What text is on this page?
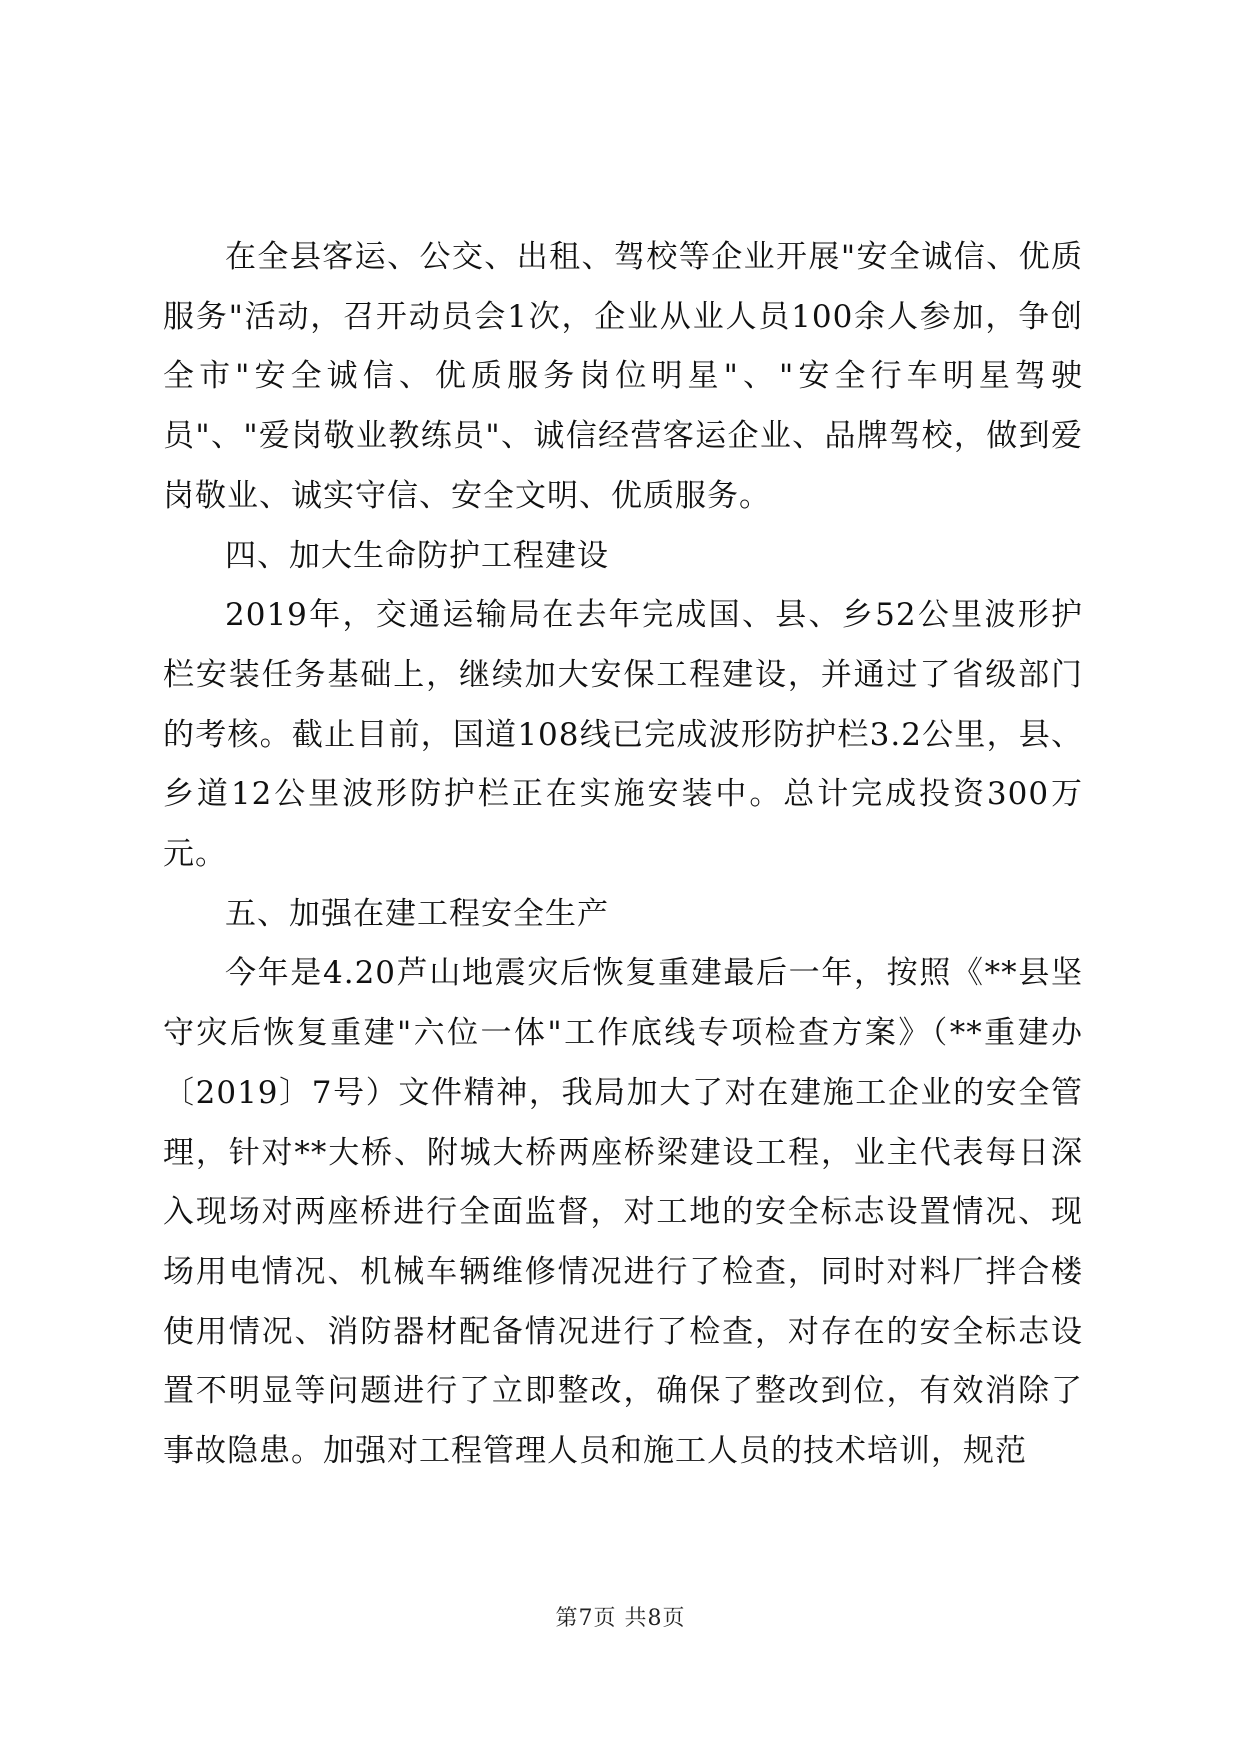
在全县客运、公交、出租、驾校等企业开展"安全诚信、优质服务"活动，召开动员会1次，企业从业人员100余人参加，争创全市"安全诚信、优质服务岗位明星"、"安全行车明星驾驶员"、"爱岗敬业教练员"、诚信经营客运企业、品牌驾校，做到爱岗敬业、诚实守信、安全文明、优质服务。

四、加大生命防护工程建设

2019年，交通运输局在去年完成国、县、乡52公里波形护栏安装任务基础上，继续加大安保工程建设，并通过了省级部门的考核。截止目前，国道108线已完成波形防护栏3.2公里，县、乡道12公里波形防护栏正在实施安装中。总计完成投资300万元。

五、加强在建工程安全生产

今年是4.20芦山地震灾后恢复重建最后一年，按照《**县坚守灾后恢复重建"六位一体"工作底线专项检查方案》（**重建办〔2019〕7号）文件精神，我局加大了对在建施工企业的安全管理，针对**大桥、附城大桥两座桥梁建设工程，业主代表每日深入现场对两座桥进行全面监督，对工地的安全标志设置情况、现场用电情况、机械车辆维修情况进行了检查，同时对料厂拌合楼使用情况、消防器材配备情况进行了检查，对存在的安全标志设置不明显等问题进行了立即整改，确保了整改到位，有效消除了事故隐患。加强对工程管理人员和施工人员的技术培训，规范

第7页 共8页
